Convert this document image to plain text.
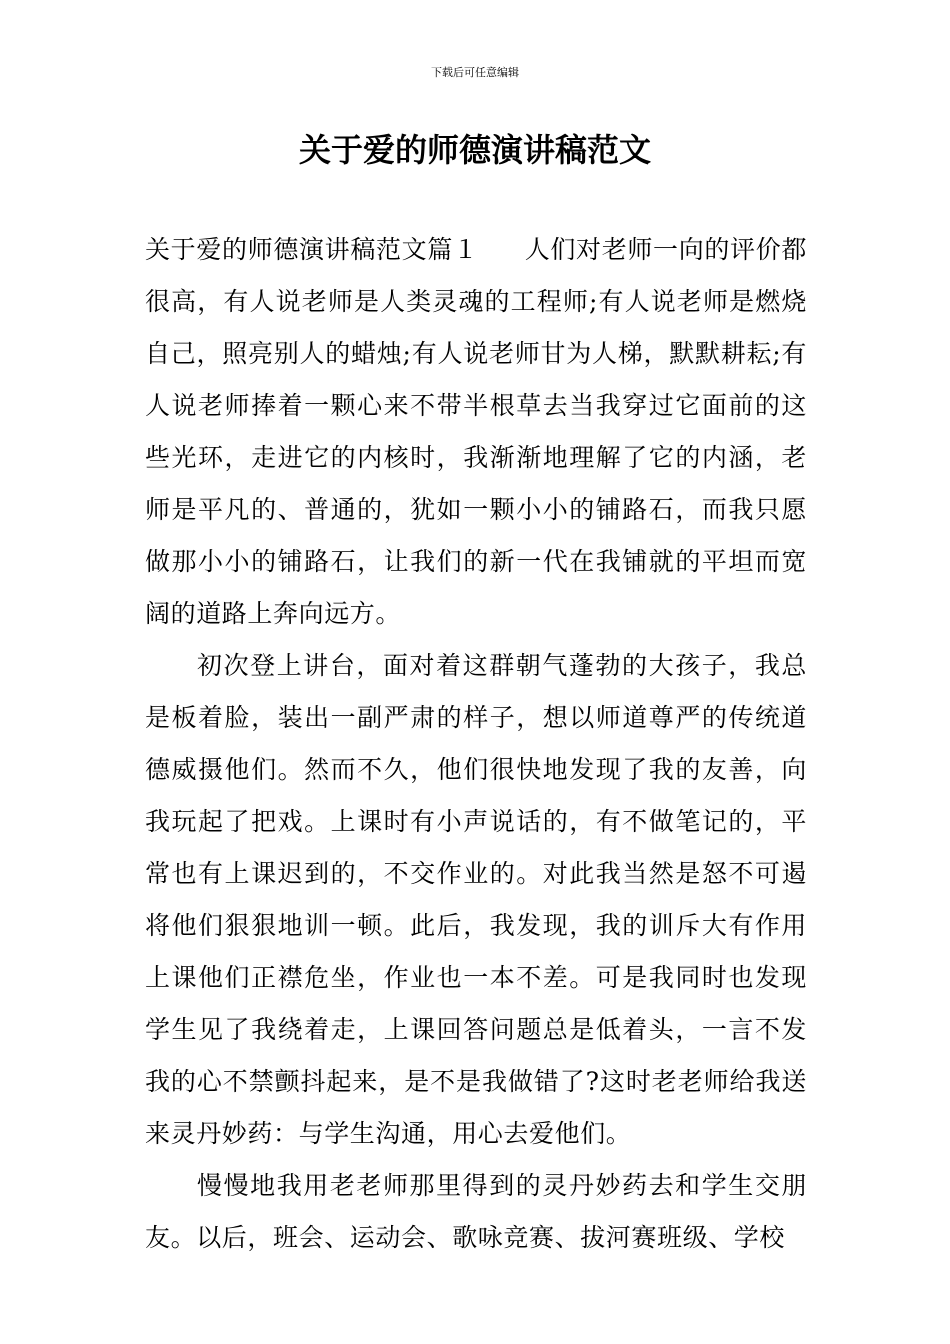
下载后可任意编辑
关于爱的师德演讲稿范文

关于爱的师德演讲稿范文篇１ 人们对老师一向的评价都很高，有人说老师是人类灵魂的工程师;有人说老师是燃烧自己，照亮别人的蜡烛;有人说老师甘为人梯，默默耕耘;有人说老师捧着一颗心来不带半根草去当我穿过它面前的这些光环，走进它的内核时，我渐渐地理解了它的内涵，老师是平凡的、普通的，犹如一颗小小的铺路石，而我只愿做那小小的铺路石，让我们的新一代在我铺就的平坦而宽阔的道路上奔向远方。

初次登上讲台，面对着这群朝气蓬勃的大孩子，我总是板着脸，装出一副严肃的样子，想以师道尊严的传统道德威摄他们。然而不久，他们很快地发现了我的友善，向我玩起了把戏。上课时有小声说话的，有不做笔记的，平常也有上课迟到的，不交作业的。对此我当然是怒不可遏将他们狠狠地训一顿。此后，我发现，我的训斥大有作用上课他们正襟危坐，作业也一本不差。可是我同时也发现学生见了我绕着走，上课回答问题总是低着头，一言不发我的心不禁颤抖起来，是不是我做错了?这时老老师给我送来灵丹妙药：与学生沟通，用心去爱他们。

慢慢地我用老老师那里得到的灵丹妙药去和学生交朋友。以后，班会、运动会、歌咏竞赛、拔河赛班级、学校
